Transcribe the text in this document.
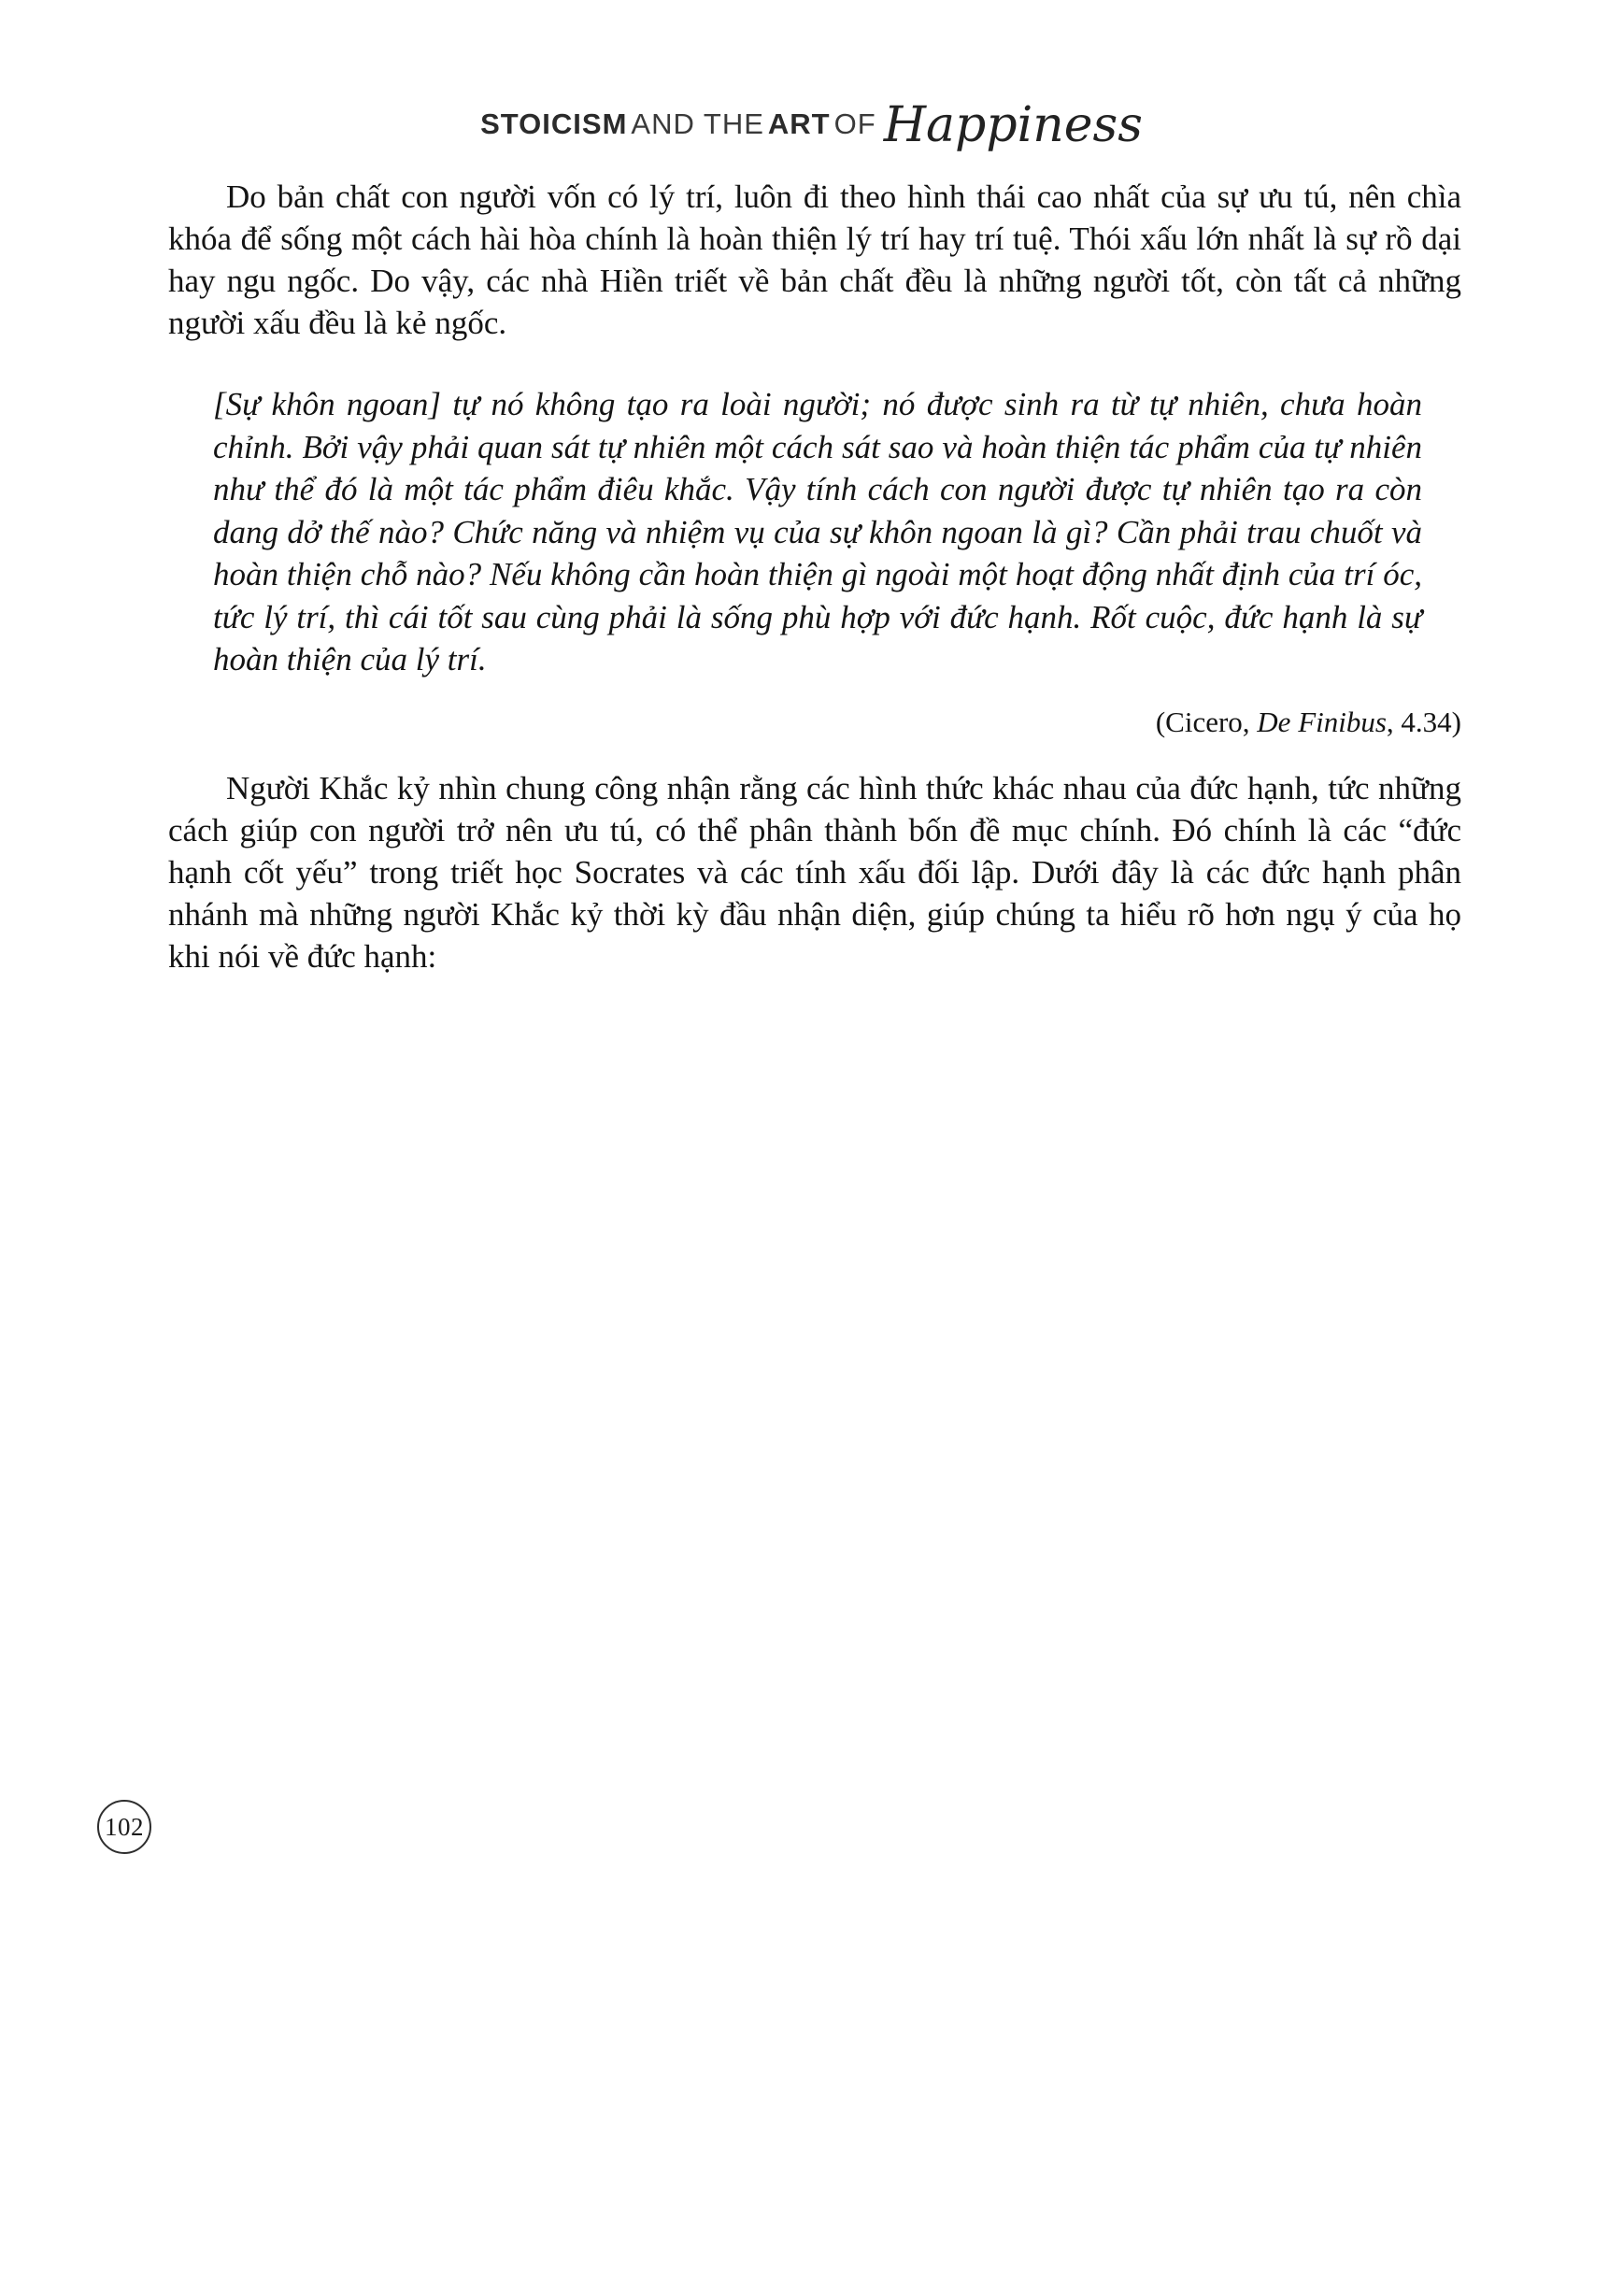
STOICISM AND THE ART OF Happiness

Do bản chất con người vốn có lý trí, luôn đi theo hình thái cao nhất của sự ưu tú, nên chìa khóa để sống một cách hài hòa chính là hoàn thiện lý trí hay trí tuệ. Thói xấu lớn nhất là sự rồ dại hay ngu ngốc. Do vậy, các nhà Hiền triết về bản chất đều là những người tốt, còn tất cả những người xấu đều là kẻ ngốc.

[Sự khôn ngoan] tự nó không tạo ra loài người; nó được sinh ra từ tự nhiên, chưa hoàn chỉnh. Bởi vậy phải quan sát tự nhiên một cách sát sao và hoàn thiện tác phẩm của tự nhiên như thể đó là một tác phẩm điêu khắc. Vậy tính cách con người được tự nhiên tạo ra còn dang dở thế nào? Chức năng và nhiệm vụ của sự khôn ngoan là gì? Cần phải trau chuốt và hoàn thiện chỗ nào? Nếu không cần hoàn thiện gì ngoài một hoạt động nhất định của trí óc, tức lý trí, thì cái tốt sau cùng phải là sống phù hợp với đức hạnh. Rốt cuộc, đức hạnh là sự hoàn thiện của lý trí.
(Cicero, De Finibus, 4.34)

Người Khắc kỷ nhìn chung công nhận rằng các hình thức khác nhau của đức hạnh, tức những cách giúp con người trở nên ưu tú, có thể phân thành bốn đề mục chính. Đó chính là các “đức hạnh cốt yếu” trong triết học Socrates và các tính xấu đối lập. Dưới đây là các đức hạnh phân nhánh mà những người Khắc kỷ thời kỳ đầu nhận diện, giúp chúng ta hiểu rõ hơn ngụ ý của họ khi nói về đức hạnh:

102
